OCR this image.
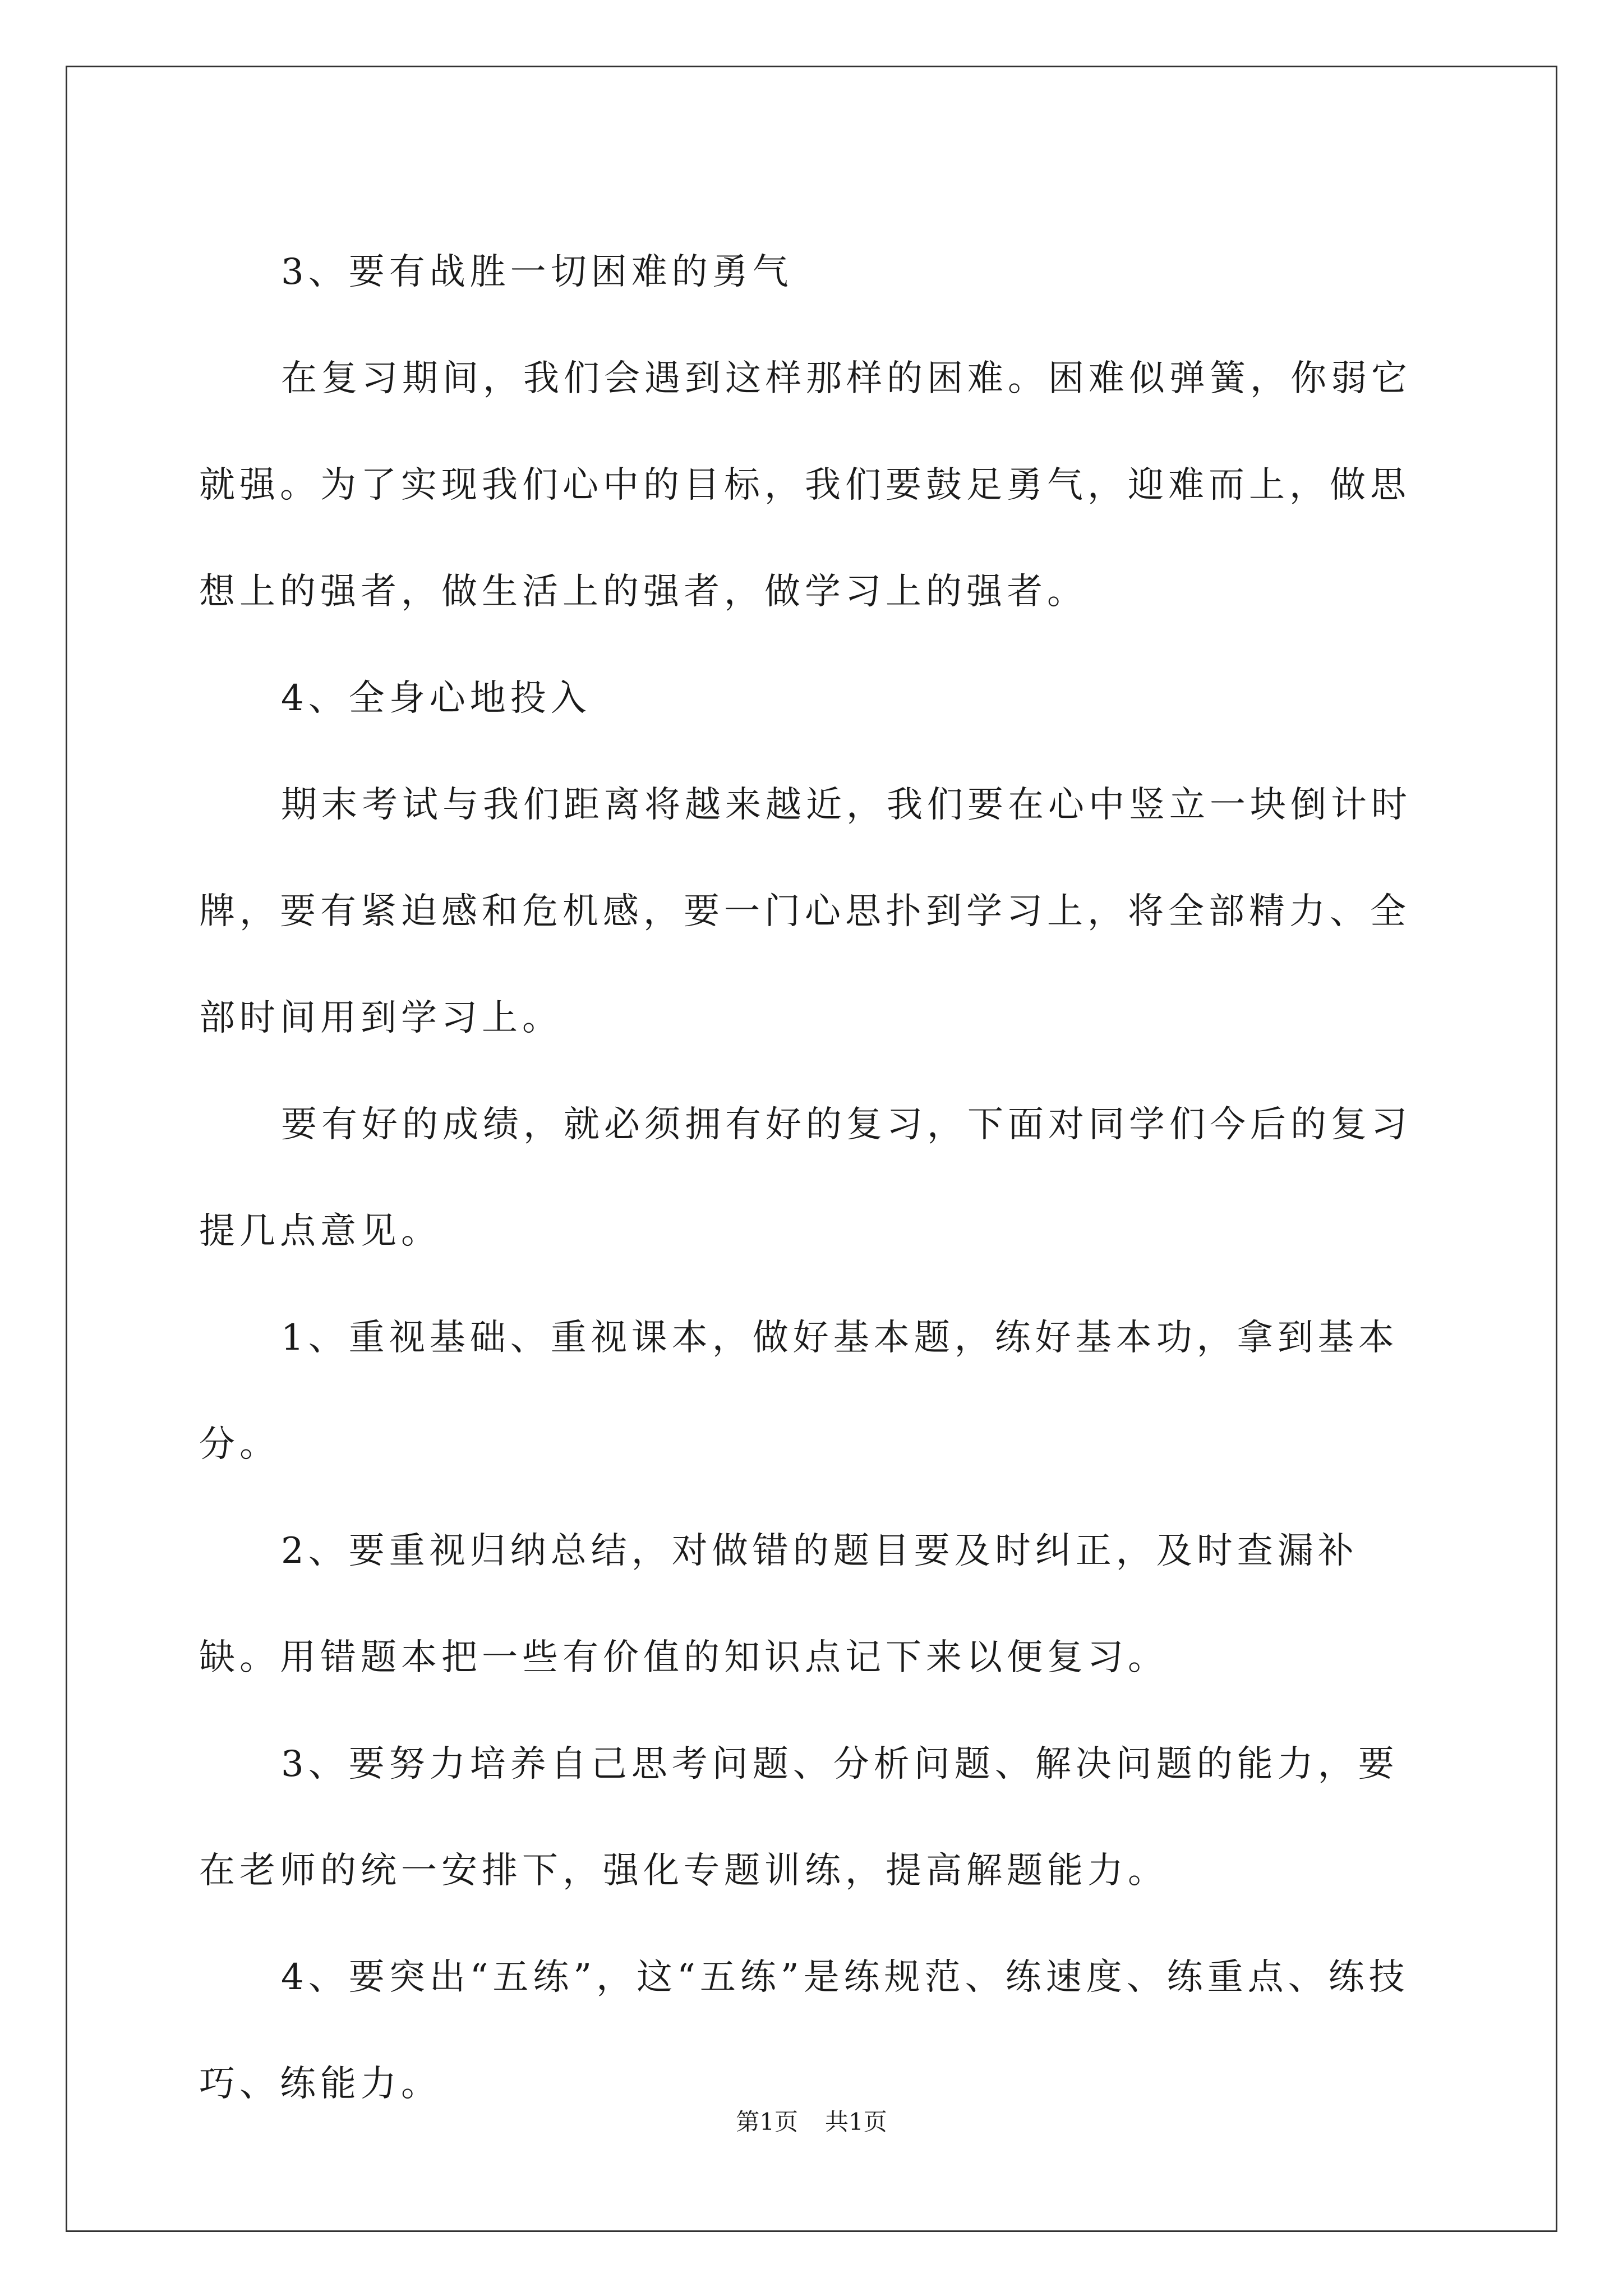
3、要有战胜一切困难的勇气

在复习期间，我们会遇到这样那样的困难。困难似弹簧，你弱它就强。为了实现我们心中的目标，我们要鼓足勇气，迎难而上，做思想上的强者，做生活上的强者，做学习上的强者。

4、全身心地投入

期末考试与我们距离将越来越近，我们要在心中竖立一块倒计时牌，要有紧迫感和危机感，要一门心思扑到学习上，将全部精力、全部时间用到学习上。

要有好的成绩，就必须拥有好的复习，下面对同学们今后的复习提几点意见。

1、重视基础、重视课本，做好基本题，练好基本功，拿到基本分。

2、要重视归纳总结，对做错的题目要及时纠正，及时查漏补缺。用错题本把一些有价值的知识点记下来以便复习。

3、要努力培养自己思考问题、分析问题、解决问题的能力，要在老师的统一安排下，强化专题训练，提高解题能力。

4、要突出“五练”，这“五练”是练规范、练速度、练重点、练技巧、练能力。

第1页 共1页
